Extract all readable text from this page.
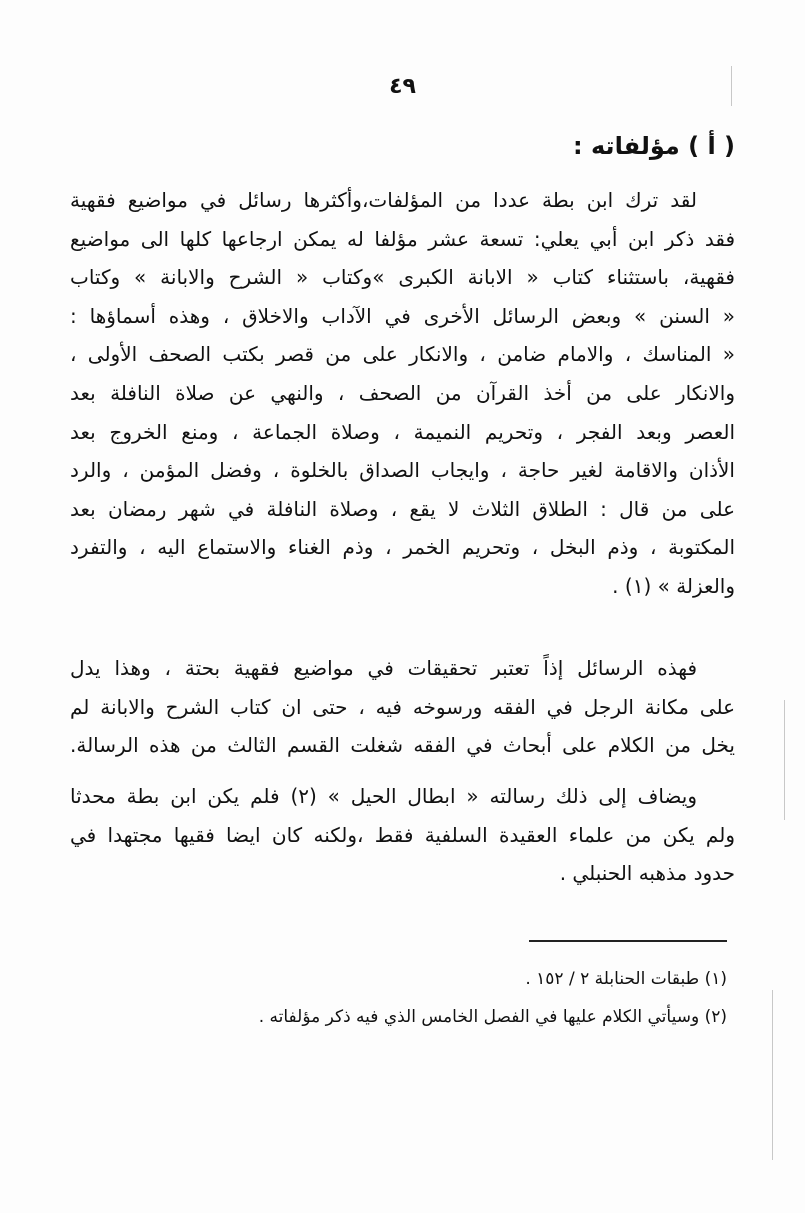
٤٩
( أ ) مؤلفاته :
لقد ترك ابن بطة عددا من المؤلفات،وأكثرها رسائل في مواضيع فقهية
فقد ذكر ابن أبي يعلي: تسعة عشر مؤلفا له يمكن ارجاعها كلها الى مواضيع
فقهية، باستثناء كتاب « الابانة الكبرى »وكتاب « الشرح والابانة » وكتاب
« السنن » وبعض الرسائل الأخرى في الآداب والاخلاق ، وهذه أسماؤها :
« المناسك ، والامام ضامن ، والانكار على من قصر بكتب الصحف الأولى ،
والانكار على من أخذ القرآن من الصحف ، والنهي عن صلاة النافلة بعد
العصر وبعد الفجر ، وتحريم النميمة ، وصلاة الجماعة ، ومنع الخروج بعد
الأذان والاقامة لغير حاجة ، وايجاب الصداق بالخلوة ، وفضل المؤمن ، والرد
على من قال : الطلاق الثلاث لا يقع ، وصلاة النافلة في شهر رمضان بعد
المكتوبة ، وذم البخل ، وتحريم الخمر ، وذم الغناء والاستماع اليه ، والتفرد
والعزلة » (١) .
فهذه الرسائل إذاً تعتبر تحقيقات في مواضيع فقهية بحتة ، وهذا يدل
على مكانة الرجل في الفقه ورسوخه فيه ، حتى ان كتاب الشرح والابانة لم
يخل من الكلام على أبحاث في الفقه شغلت القسم الثالث من هذه الرسالة.
ويضاف إلى ذلك رسالته « ابطال الحيل » (٢) فلم يكن ابن بطة محدثا
ولم يكن من علماء العقيدة السلفية فقط ،ولكنه كان ايضا فقيها مجتهدا في
حدود مذهبه الحنبلي .
(١) طبقات الحنابلة ٢ / ١٥٢ .
(٢) وسيأتي الكلام عليها في الفصل الخامس الذي فيه ذكر مؤلفاته .
